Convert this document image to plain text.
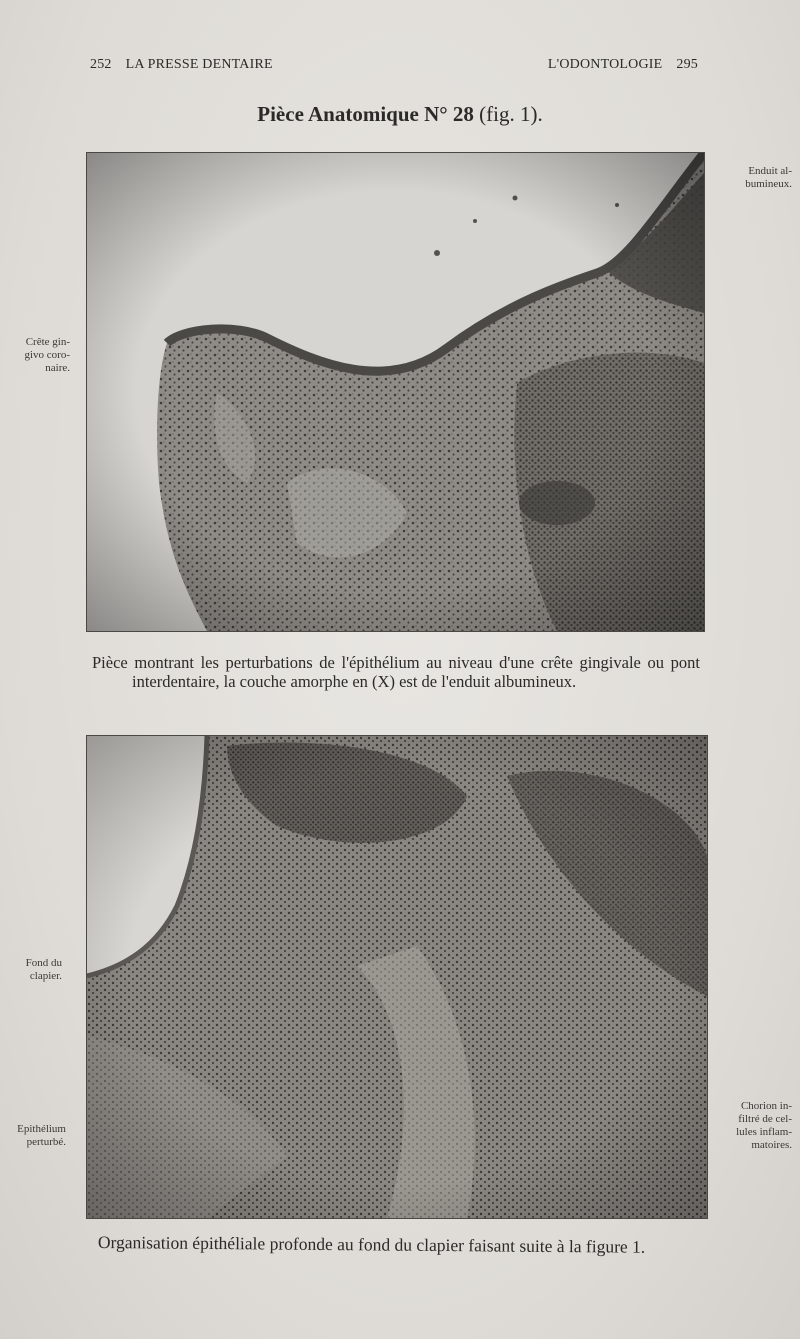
252 LA PRESSE DENTAIRE	L'ODONTOLOGIE 295
Pièce Anatomique N° 28 (fig. 1).
Enduit al-
bumineux.
Crête gin-
givo coro-
naire.
Pièce montrant les perturbations de l'épithélium au niveau d'une crête gingivale ou pont interdentaire, la couche amorphe en (X) est de l'enduit albumineux.
Fond du
clapier.
Epithélium
perturbé.
Chorion in-
filtré de cel-
lules inflam-
matoires.
Organisation épithéliale profonde au fond du clapier faisant suite à la figure 1.
